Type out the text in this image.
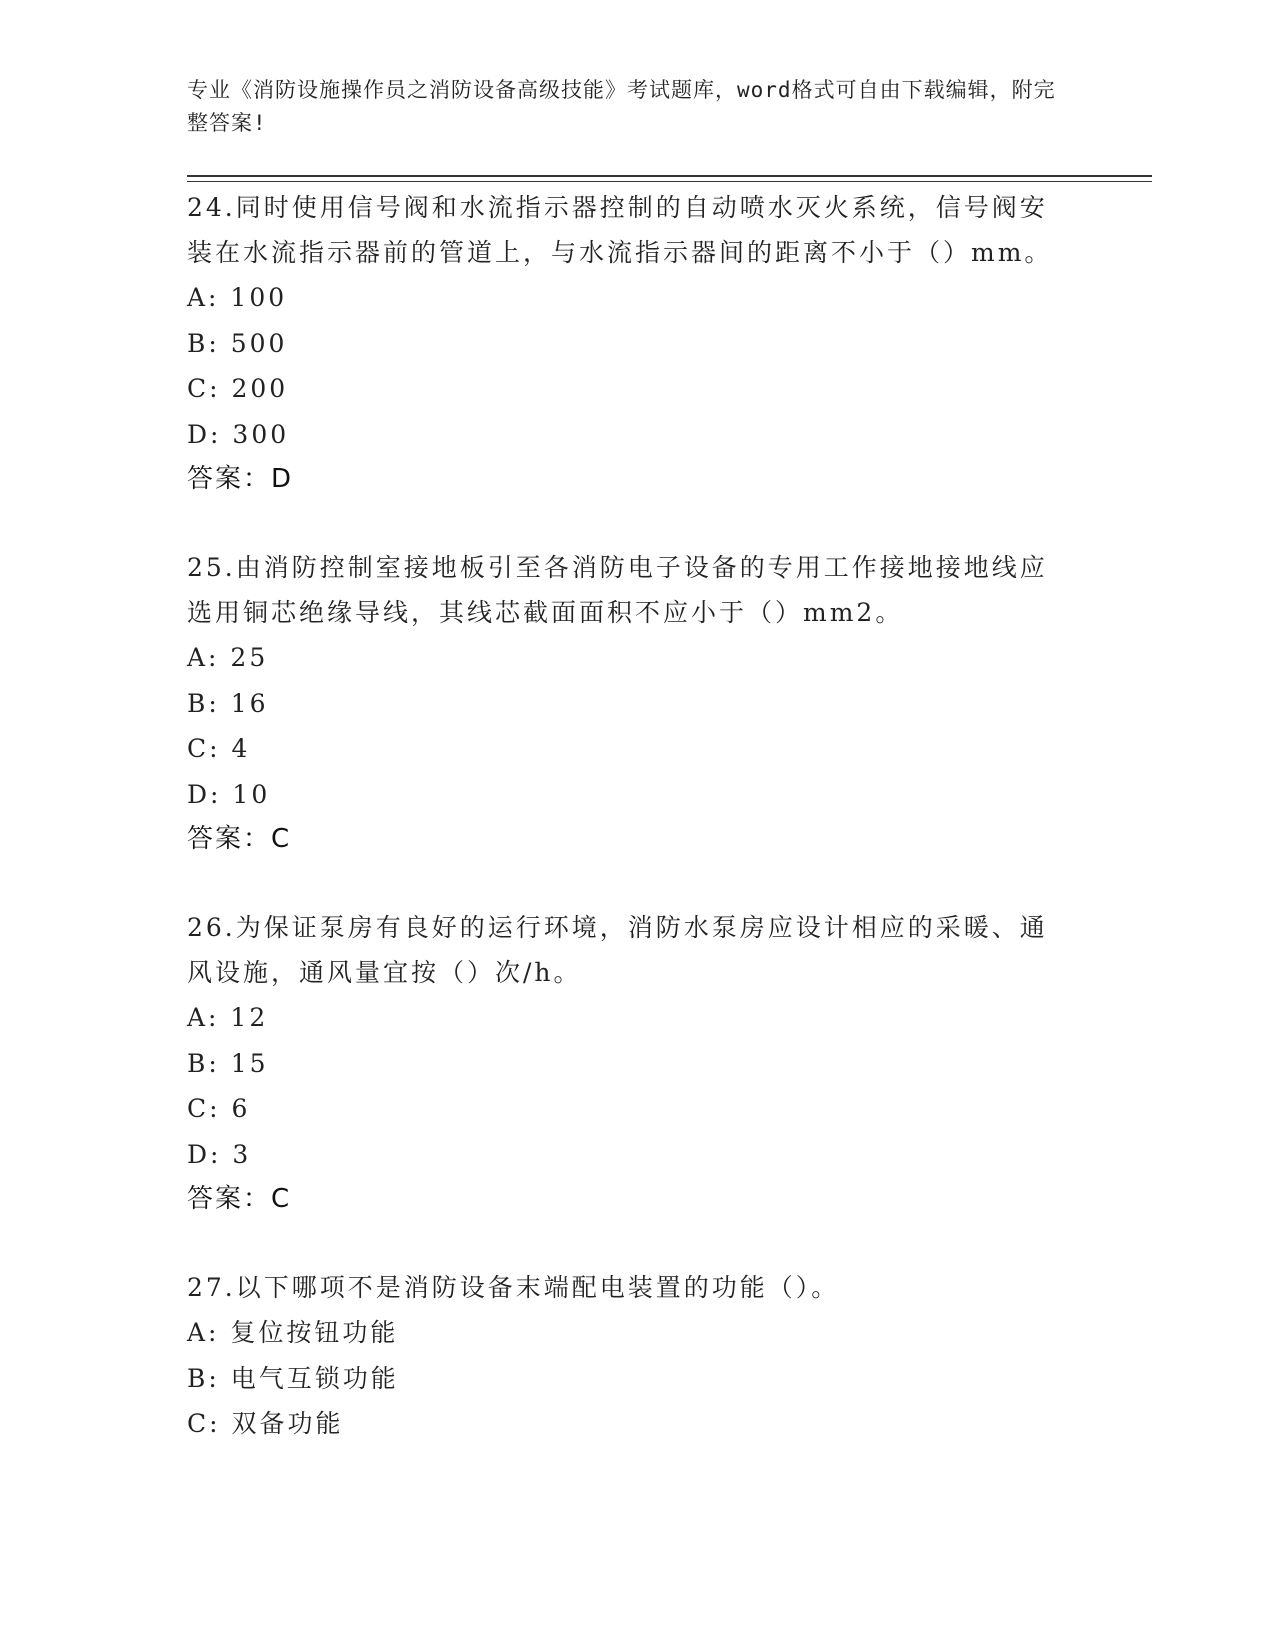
专业《消防设施操作员之消防设备高级技能》考试题库，word格式可自由下载编辑，附完整答案!

24.同时使用信号阀和水流指示器控制的自动喷水灭火系统，信号阀安装在水流指示器前的管道上，与水流指示器间的距离不小于（）mm。

A: 100

B: 500

C: 200

D: 300

答案：D

25.由消防控制室接地板引至各消防电子设备的专用工作接地接地线应选用铜芯绝缘导线，其线芯截面面积不应小于（）mm2。

A: 25

B: 16

C: 4

D: 10

答案：C

26.为保证泵房有良好的运行环境，消防水泵房应设计相应的采暖、通风设施，通风量宜按（）次/h。

A: 12

B: 15

C: 6

D: 3

答案：C

27.以下哪项不是消防设备末端配电装置的功能（）。

A: 复位按钮功能

B: 电气互锁功能

C: 双备功能
